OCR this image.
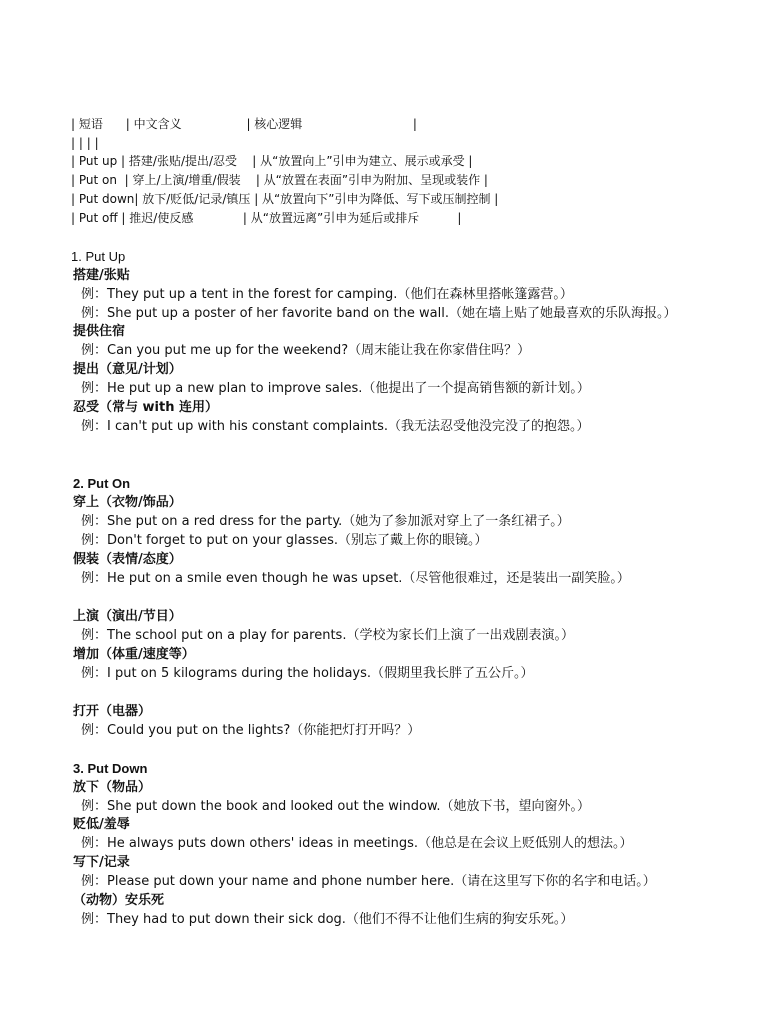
| 短语      | 中文含义                 | 核心逻辑                             |
| | | |
| Put up | 搭建/张贴/提出/忍受    | 从“放置向上”引申为建立、展示或承受 |
| Put on  | 穿上/上演/增重/假装    | 从“放置在表面”引申为附加、呈现或装作 |
| Put down| 放下/贬低/记录/镇压 | 从“放置向下”引申为降低、写下或压制控制 |
| Put off | 推迟/使反感             | 从“放置远离”引申为延后或排斥          |
1. Put Up
搭建/张贴
例：They put up a tent in the forest for camping.（他们在森林里搭帐篷露营。）
例：She put up a poster of her favorite band on the wall.（她在墙上贴了她最喜欢的乐队海报。）
提供住宿
例：Can you put me up for the weekend?（周末能让我在你家借住吗？）
提出（意见/计划）
例：He put up a new plan to improve sales.（他提出了一个提高销售额的新计划。）
忍受（常与 with 连用）
例：I can't put up with his constant complaints.（我无法忍受他没完没了的抱怨。）
2. Put On
穿上（衣物/饰品）
例：She put on a red dress for the party.（她为了参加派对穿上了一条红裙子。）
例：Don't forget to put on your glasses.（别忘了戴上你的眼镜。）
假装（表情/态度）
例：He put on a smile even though he was upset.（尽管他很难过，还是装出一副笑脸。）
上演（演出/节目）
例：The school put on a play for parents.（学校为家长们上演了一出戏剧表演。）
增加（体重/速度等）
例：I put on 5 kilograms during the holidays.（假期里我长胖了五公斤。）
打开（电器）
例：Could you put on the lights?（你能把灯打开吗？）
3. Put Down
放下（物品）
例：She put down the book and looked out the window.（她放下书，望向窗外。）
贬低/羞辱
例：He always puts down others' ideas in meetings.（他总是在会议上贬低别人的想法。）
写下/记录
例：Please put down your name and phone number here.（请在这里写下你的名字和电话。）
（动物）安乐死
例：They had to put down their sick dog.（他们不得不让他们生病的狗安乐死。）
